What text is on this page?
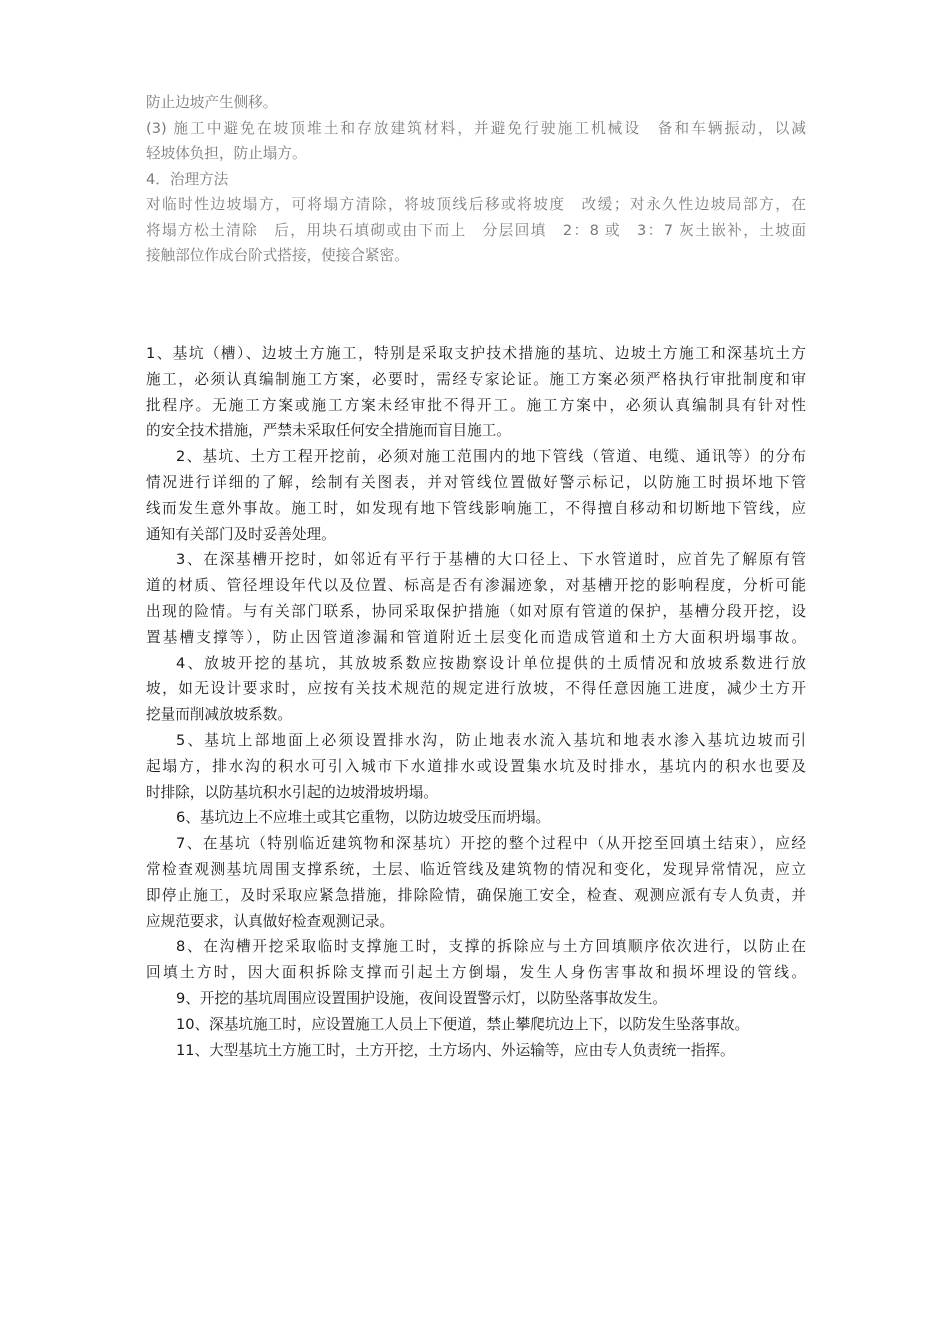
防止边坡产生侧移。
(3) 施工中避免在坡顶堆土和存放建筑材料，并避免行驶施工机械设　备和车辆振动，以减
轻坡体负担，防止塌方。
4．治理方法
对临时性边坡塌方，可将塌方清除，将坡顶线后移或将坡度　改缓；对永久性边坡局部方，在
将塌方松土清除　后，用块石填砌或由下而上　分层回填　2：8 或　3：7 灰土嵌补，土坡面
接触部位作成台阶式搭接，使接合紧密。
1、基坑（槽）、边坡土方施工，特别是采取支护技术措施的基坑、边坡土方施工和深基坑土方
施工，必须认真编制施工方案，必要时，需经专家论证。施工方案必须严格执行审批制度和审
批程序。无施工方案或施工方案未经审批不得开工。施工方案中，必须认真编制具有针对性
的安全技术措施，严禁未采取任何安全措施而盲目施工。
2、基坑、土方工程开挖前，必须对施工范围内的地下管线（管道、电缆、通讯等）的分布
情况进行详细的了解，绘制有关图表，并对管线位置做好警示标记，以防施工时损坏地下管
线而发生意外事故。施工时，如发现有地下管线影响施工，不得擅自移动和切断地下管线，应
通知有关部门及时妥善处理。
3、在深基槽开挖时，如邻近有平行于基槽的大口径上、下水管道时，应首先了解原有管
道的材质、管径埋设年代以及位置、标高是否有渗漏迹象，对基槽开挖的影响程度，分析可能
出现的险情。与有关部门联系，协同采取保护措施（如对原有管道的保护，基槽分段开挖，设
置基槽支撑等），防止因管道渗漏和管道附近土层变化而造成管道和土方大面积坍塌事故。
4、放坡开挖的基坑，其放坡系数应按勘察设计单位提供的土质情况和放坡系数进行放
坡，如无设计要求时，应按有关技术规范的规定进行放坡，不得任意因施工进度，减少土方开
挖量而削减放坡系数。
5、基坑上部地面上必须设置排水沟，防止地表水流入基坑和地表水渗入基坑边坡而引
起塌方，排水沟的积水可引入城市下水道排水或设置集水坑及时排水，基坑内的积水也要及
时排除，以防基坑积水引起的边坡滑坡坍塌。
6、基坑边上不应堆土或其它重物，以防边坡受压而坍塌。
7、在基坑（特别临近建筑物和深基坑）开挖的整个过程中（从开挖至回填土结束），应经
常检查观测基坑周围支撑系统，土层、临近管线及建筑物的情况和变化，发现异常情况，应立
即停止施工，及时采取应紧急措施，排除险情，确保施工安全，检查、观测应派有专人负责，并
应规范要求，认真做好检查观测记录。
8、在沟槽开挖采取临时支撑施工时，支撑的拆除应与土方回填顺序依次进行，以防止在
回填土方时，因大面积拆除支撑而引起土方倒塌，发生人身伤害事故和损坏埋设的管线。
9、开挖的基坑周围应设置围护设施，夜间设置警示灯，以防坠落事故发生。
10、深基坑施工时，应设置施工人员上下便道，禁止攀爬坑边上下，以防发生坠落事故。
11、大型基坑土方施工时，土方开挖，土方场内、外运输等，应由专人负责统一指挥。
